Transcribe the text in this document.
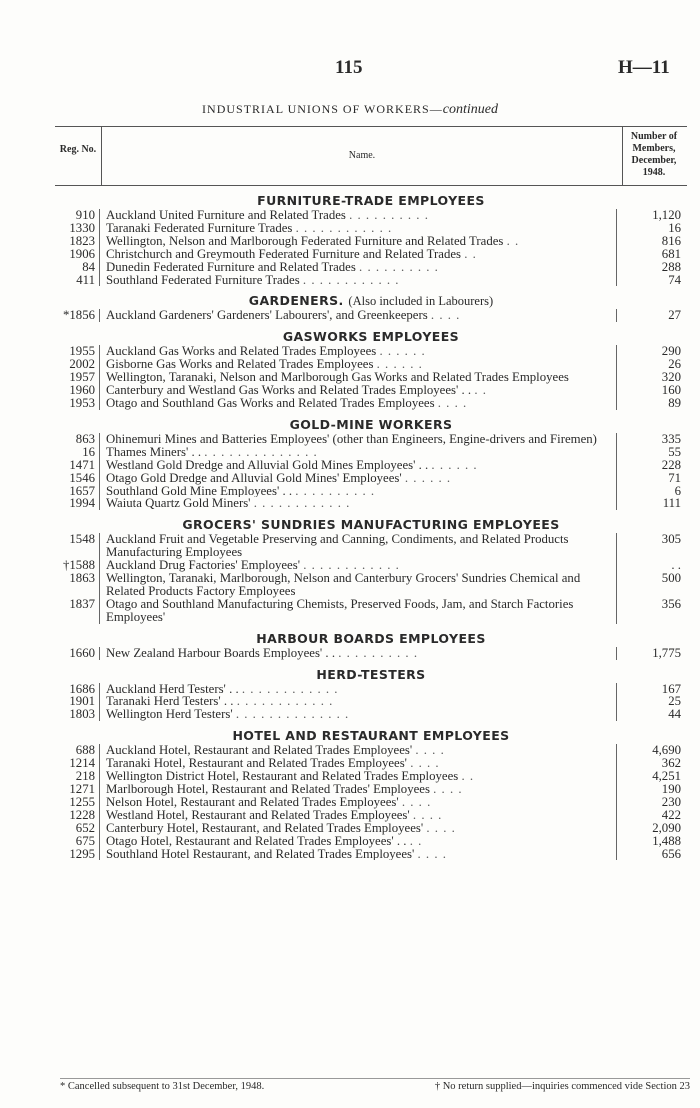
115	H—11
INDUSTRIAL UNIONS OF WORKERS—continued
Reg. No.
Name.
Number of Members, December, 1948.
FURNITURE-TRADE EMPLOYEES
910 Auckland United Furniture and Related Trades . . . . . . . . . .	1,120
1330 Taranaki Federated Furniture Trades . . . . . . . . . . . .	16
1823 Wellington, Nelson and Marlborough Federated Furniture and Related Trades . .	816
1906 Christchurch and Greymouth Federated Furniture and Related Trades . .	681
84 Dunedin Federated Furniture and Related Trades . . . . . . . . . .	288
411 Southland Federated Furniture Trades . . . . . . . . . . . .	74
GARDENERS. (Also included in Labourers)
*1856 Auckland Gardeners' Gardeners' Labourers', and Greenkeepers . . . .	27
GASWORKS EMPLOYEES
1955 Auckland Gas Works and Related Trades Employees . . . . . .	290
2002 Gisborne Gas Works and Related Trades Employees . . . . . .	26
1957 Wellington, Taranaki, Nelson and Marlborough Gas Works and Related Trades Employees	320
1960 Canterbury and Westland Gas Works and Related Trades Employees' . . . .	160
1953 Otago and Southland Gas Works and Related Trades Employees . . . .	89
GOLD-MINE WORKERS
863 Ohinemuri Mines and Batteries Employees' (other than Engineers, Engine-drivers and Firemen)	335
16 Thames Miners' . . . . . . . . . . . . . . . .	55
1471 Westland Gold Dredge and Alluvial Gold Mines Employees' . . . . . . . .	228
1546 Otago Gold Dredge and Alluvial Gold Mines' Employees' . . . . . .	71
1657 Southland Gold Mine Employees' . . . . . . . . . . . .	6
1994 Waiuta Quartz Gold Miners' . . . . . . . . . . . .	111
GROCERS' SUNDRIES MANUFACTURING EMPLOYEES
1548 Auckland Fruit and Vegetable Preserving and Canning, Condiments, and Related Products Manufacturing Employees
305
†1588 Auckland Drug Factories' Employees' . . . . . . . . . . . .	. .
1863 Wellington, Taranaki, Marlborough, Nelson and Canterbury Grocers' Sundries Chemical and Related Products Factory Employees
500
1837 Otago and Southland Manufacturing Chemists, Preserved Foods, Jam, and Starch Factories Employees'
356
HARBOUR BOARDS EMPLOYEES
1660 New Zealand Harbour Boards Employees' . . . . . . . . . . . .	1,775
HERD-TESTERS
1686 Auckland Herd Testers' . . . . . . . . . . . . . .	167
1901 Taranaki Herd Testers' . . . . . . . . . . . . . .	25
1803 Wellington Herd Testers' . . . . . . . . . . . . . .	44
HOTEL AND RESTAURANT EMPLOYEES
688 Auckland Hotel, Restaurant and Related Trades Employees' . . . .	4,690
1214 Taranaki Hotel, Restaurant and Related Trades Employees' . . . .	362
218 Wellington District Hotel, Restaurant and Related Trades Employees . .	4,251
1271 Marlborough Hotel, Restaurant and Related Trades' Employees . . . .	190
1255 Nelson Hotel, Restaurant and Related Trades Employees' . . . .	230
1228 Westland Hotel, Restaurant and Related Trades Employees' . . . .	422
652 Canterbury Hotel, Restaurant, and Related Trades Employees' . . . .	2,090
675 Otago Hotel, Restaurant and Related Trades Employees' . . . .	1,488
1295 Southland Hotel Restaurant, and Related Trades Employees' . . . .	656
* Cancelled subsequent to 31st December, 1948.	† No return supplied—inquiries commenced vide Section 23
